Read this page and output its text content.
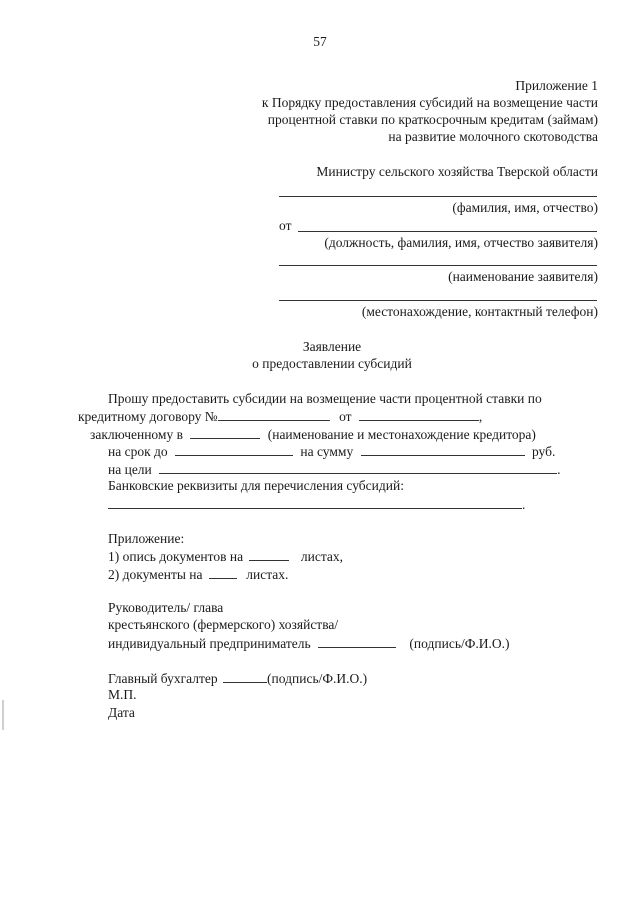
57
Приложение 1
к Порядку предоставления субсидий на возмещение части
процентной ставки по краткосрочным кредитам (займам)
на развитие молочного скотоводства
Министру сельского хозяйства Тверской области
(фамилия, имя, отчество)
от
(должность, фамилия, имя, отчество заявителя)
(наименование заявителя)
(местонахождение, контактный телефон)
Заявление
о предоставлении субсидий
Прошу предоставить субсидии на возмещение части процентной ставки по
кредитному договору №	от	,
заключенному в	(наименование и местонахождение кредитора)
на срок до	на сумму	руб.
на цели	.
Банковские реквизиты для перечисления субсидий:
.
Приложение:
1) опись документов на	листах,
2) документы на	листах.
Руководитель/ глава
крестьянского (фермерского) хозяйства/
индивидуальный предприниматель	(подпись/Ф.И.О.)
Главный бухгалтер	(подпись/Ф.И.О.)
М.П.
Дата
